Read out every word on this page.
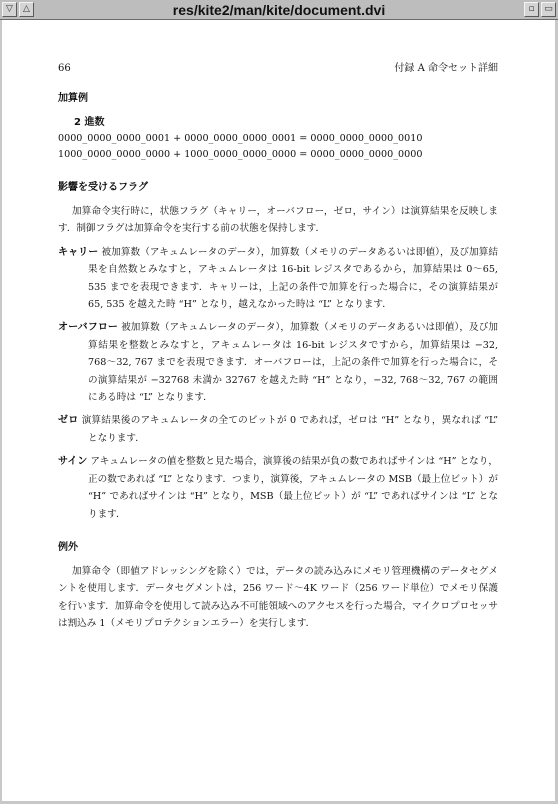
▽	△	res/kite2/man/kite/document.dvi	▫	▭
66	付録 A 命令セット詳細
加算例
2 進数
0000_0000_0000_0001 + 0000_0000_0000_0001 = 0000_0000_0000_0010
1000_0000_0000_0000 + 1000_0000_0000_0000 = 0000_0000_0000_0000
影響を受けるフラグ

加算命令実行時に，状態フラグ（キャリー，オーバフロー，ゼロ，サイン）は演算結果を反映します．制御フラグは加算命令を実行する前の状態を保持します．

キャリー 被加算数（アキュムレータのデータ），加算数（メモリのデータあるいは即値），及び加算結果を自然数とみなすと，アキュムレータは 16-bit レジスタであるから，加算結果は 0〜65, 535 までを表現できます．キャリーは，上記の条件で加算を行った場合に，その演算結果が 65, 535 を越えた時 “H” となり，越えなかった時は “L” となります．
オーバフロー 被加算数（アキュムレータのデータ），加算数（メモリのデータあるいは即値），及び加算結果を整数とみなすと，アキュムレータは 16-bit レジスタですから，加算結果は −32, 768〜32, 767 までを表現できます．オーバフローは，上記の条件で加算を行った場合に，その演算結果が −32768 未満か 32767 を越えた時 “H” となり，−32, 768〜32, 767 の範囲にある時は “L” となります．
ゼロ 演算結果後のアキュムレータの全てのビットが 0 であれば，ゼロは “H” となり，異なれば “L” となります．
サイン アキュムレータの値を整数と見た場合，演算後の結果が負の数であればサインは “H” となり，正の数であれば “L” となります．つまり，演算後，アキュムレータの MSB（最上位ビット）が “H” であればサインは “H” となり，MSB（最上位ビット）が “L” であればサインは “L” となります．
例外

加算命令（即値アドレッシングを除く）では，データの読み込みにメモリ管理機構のデータセグメントを使用します．データセグメントは，256 ワード〜4K ワード（256 ワード単位）でメモリ保護を行います．加算命令を使用して読み込み不可能領域へのアクセスを行った場合，マイクロプロセッサは割込み 1（メモリプロテクションエラー）を実行します．
